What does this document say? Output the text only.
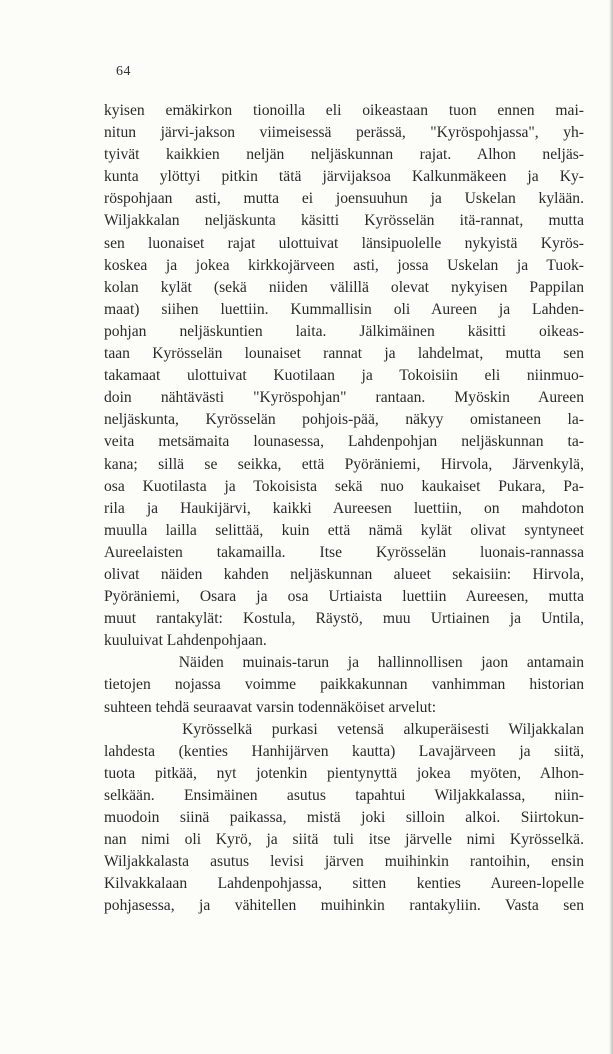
64
kyisen emäkirkon tionoilla eli oikeastaan tuon ennen mai-
nitun järvi-jakson viimeisessä perässä, "Kyröspohjassa", yh-
tyivät kaikkien neljän neljäskunnan rajat. Alhon neljäs-
kunta ylöttyi pitkin tätä järvijaksoa Kalkunmäkeen ja Ky-
röspohjaan asti, mutta ei joensuuhun ja Uskelan kylään.
Wiljakkalan neljäskunta käsitti Kyrösselän itä-rannat, mutta
sen luonaiset rajat ulottuivat länsipuolelle nykyistä Kyrös-
koskea ja jokea kirkkojärveen asti, jossa Uskelan ja Tuok-
kolan kylät (sekä niiden välillä olevat nykyisen Pappilan
maat) siihen luettiin. Kummallisin oli Aureen ja Lahden-
pohjan neljäskuntien laita. Jälkimäinen käsitti oikeas-
taan Kyrösselän lounaiset rannat ja lahdelmat, mutta sen
takamaat ulottuivat Kuotilaan ja Tokoisiin eli niinmuo-
doin nähtävästi "Kyröspohjan" rantaan. Myöskin Aureen
neljäskunta, Kyrösselän pohjois-pää, näkyy omistaneen la-
veita metsämaita lounasessa, Lahdenpohjan neljäskunnan ta-
kana; sillä se seikka, että Pyöräniemi, Hirvola, Järvenkylä,
osa Kuotilasta ja Tokoisista sekä nuo kaukaiset Pukara, Pa-
rila ja Haukijärvi, kaikki Aureesen luettiin, on mahdoton
muulla lailla selittää, kuin että nämä kylät olivat syntyneet
Aureelaisten takamailla. Itse Kyrösselän luonais-rannassa
olivat näiden kahden neljäskunnan alueet sekaisiin: Hirvola,
Pyöräniemi, Osara ja osa Urtiaista luettiin Aureesen, mutta
muut rantakylät: Kostula, Räystö, muu Urtiainen ja Untila,
kuuluivat Lahdenpohjaan.
Näiden muinais-tarun ja hallinnollisen jaon antamain
tietojen nojassa voimme paikkakunnan vanhimman historian
suhteen tehdä seuraavat varsin todennäköiset arvelut:
Kyrösselkä purkasi vetensä alkuperäisesti Wiljakkalan
lahdesta (kenties Hanhijärven kautta) Lavajärveen ja siitä,
tuota pitkää, nyt jotenkin pientynyttä jokea myöten, Alhon-
selkään. Ensimäinen asutus tapahtui Wiljakkalassa, niin-
muodoin siinä paikassa, mistä joki silloin alkoi. Siirtokun-
nan nimi oli Kyrö, ja siitä tuli itse järvelle nimi Kyrösselkä.
Wiljakkalasta asutus levisi järven muihinkin rantoihin, ensin
Kilvakkalaan Lahdenpohjassa, sitten kenties Aureen-lopelle
pohjasessa, ja vähitellen muihinkin rantakyliin. Vasta sen
